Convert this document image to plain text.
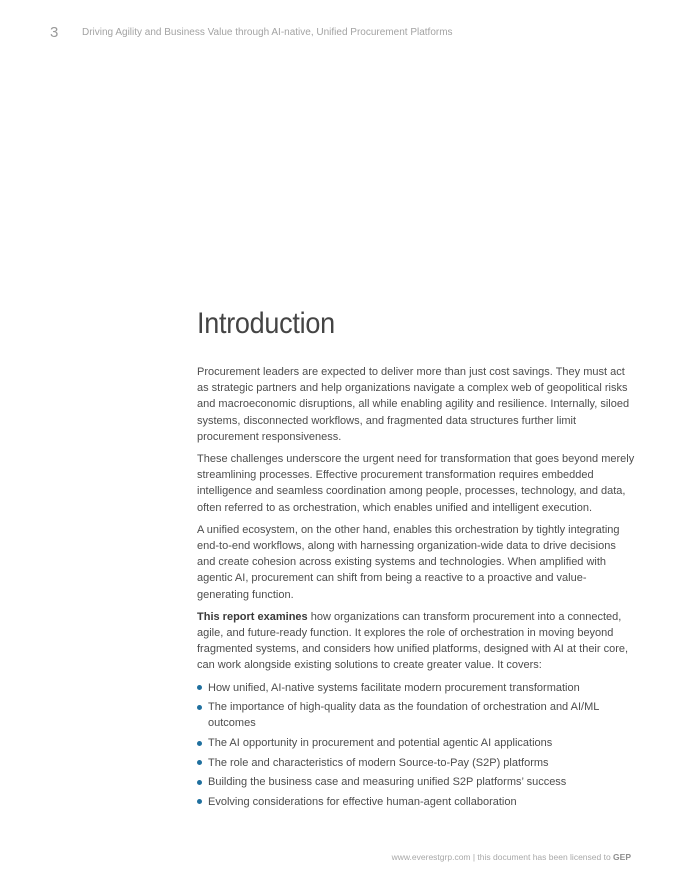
3 Driving Agility and Business Value through AI-native, Unified Procurement Platforms
Introduction

Procurement leaders are expected to deliver more than just cost savings. They must act as strategic partners and help organizations navigate a complex web of geopolitical risks and macroeconomic disruptions, all while enabling agility and resilience. Internally, siloed systems, disconnected workflows, and fragmented data structures further limit procurement responsiveness.

These challenges underscore the urgent need for transformation that goes beyond merely streamlining processes. Effective procurement transformation requires embedded intelligence and seamless coordination among people, processes, technology, and data, often referred to as orchestration, which enables unified and intelligent execution.

A unified ecosystem, on the other hand, enables this orchestration by tightly integrating end-to-end workflows, along with harnessing organization-wide data to drive decisions and create cohesion across existing systems and technologies. When amplified with agentic AI, procurement can shift from being a reactive to a proactive and value-generating function.

This report examines how organizations can transform procurement into a connected, agile, and future-ready function. It explores the role of orchestration in moving beyond fragmented systems, and considers how unified platforms, designed with AI at their core, can work alongside existing solutions to create greater value. It covers:

How unified, AI-native systems facilitate modern procurement transformation
The importance of high-quality data as the foundation of orchestration and AI/ML outcomes
The AI opportunity in procurement and potential agentic AI applications
The role and characteristics of modern Source-to-Pay (S2P) platforms
Building the business case and measuring unified S2P platforms’ success
Evolving considerations for effective human-agent collaboration
www.everestgrp.com | this document has been licensed to GEP
